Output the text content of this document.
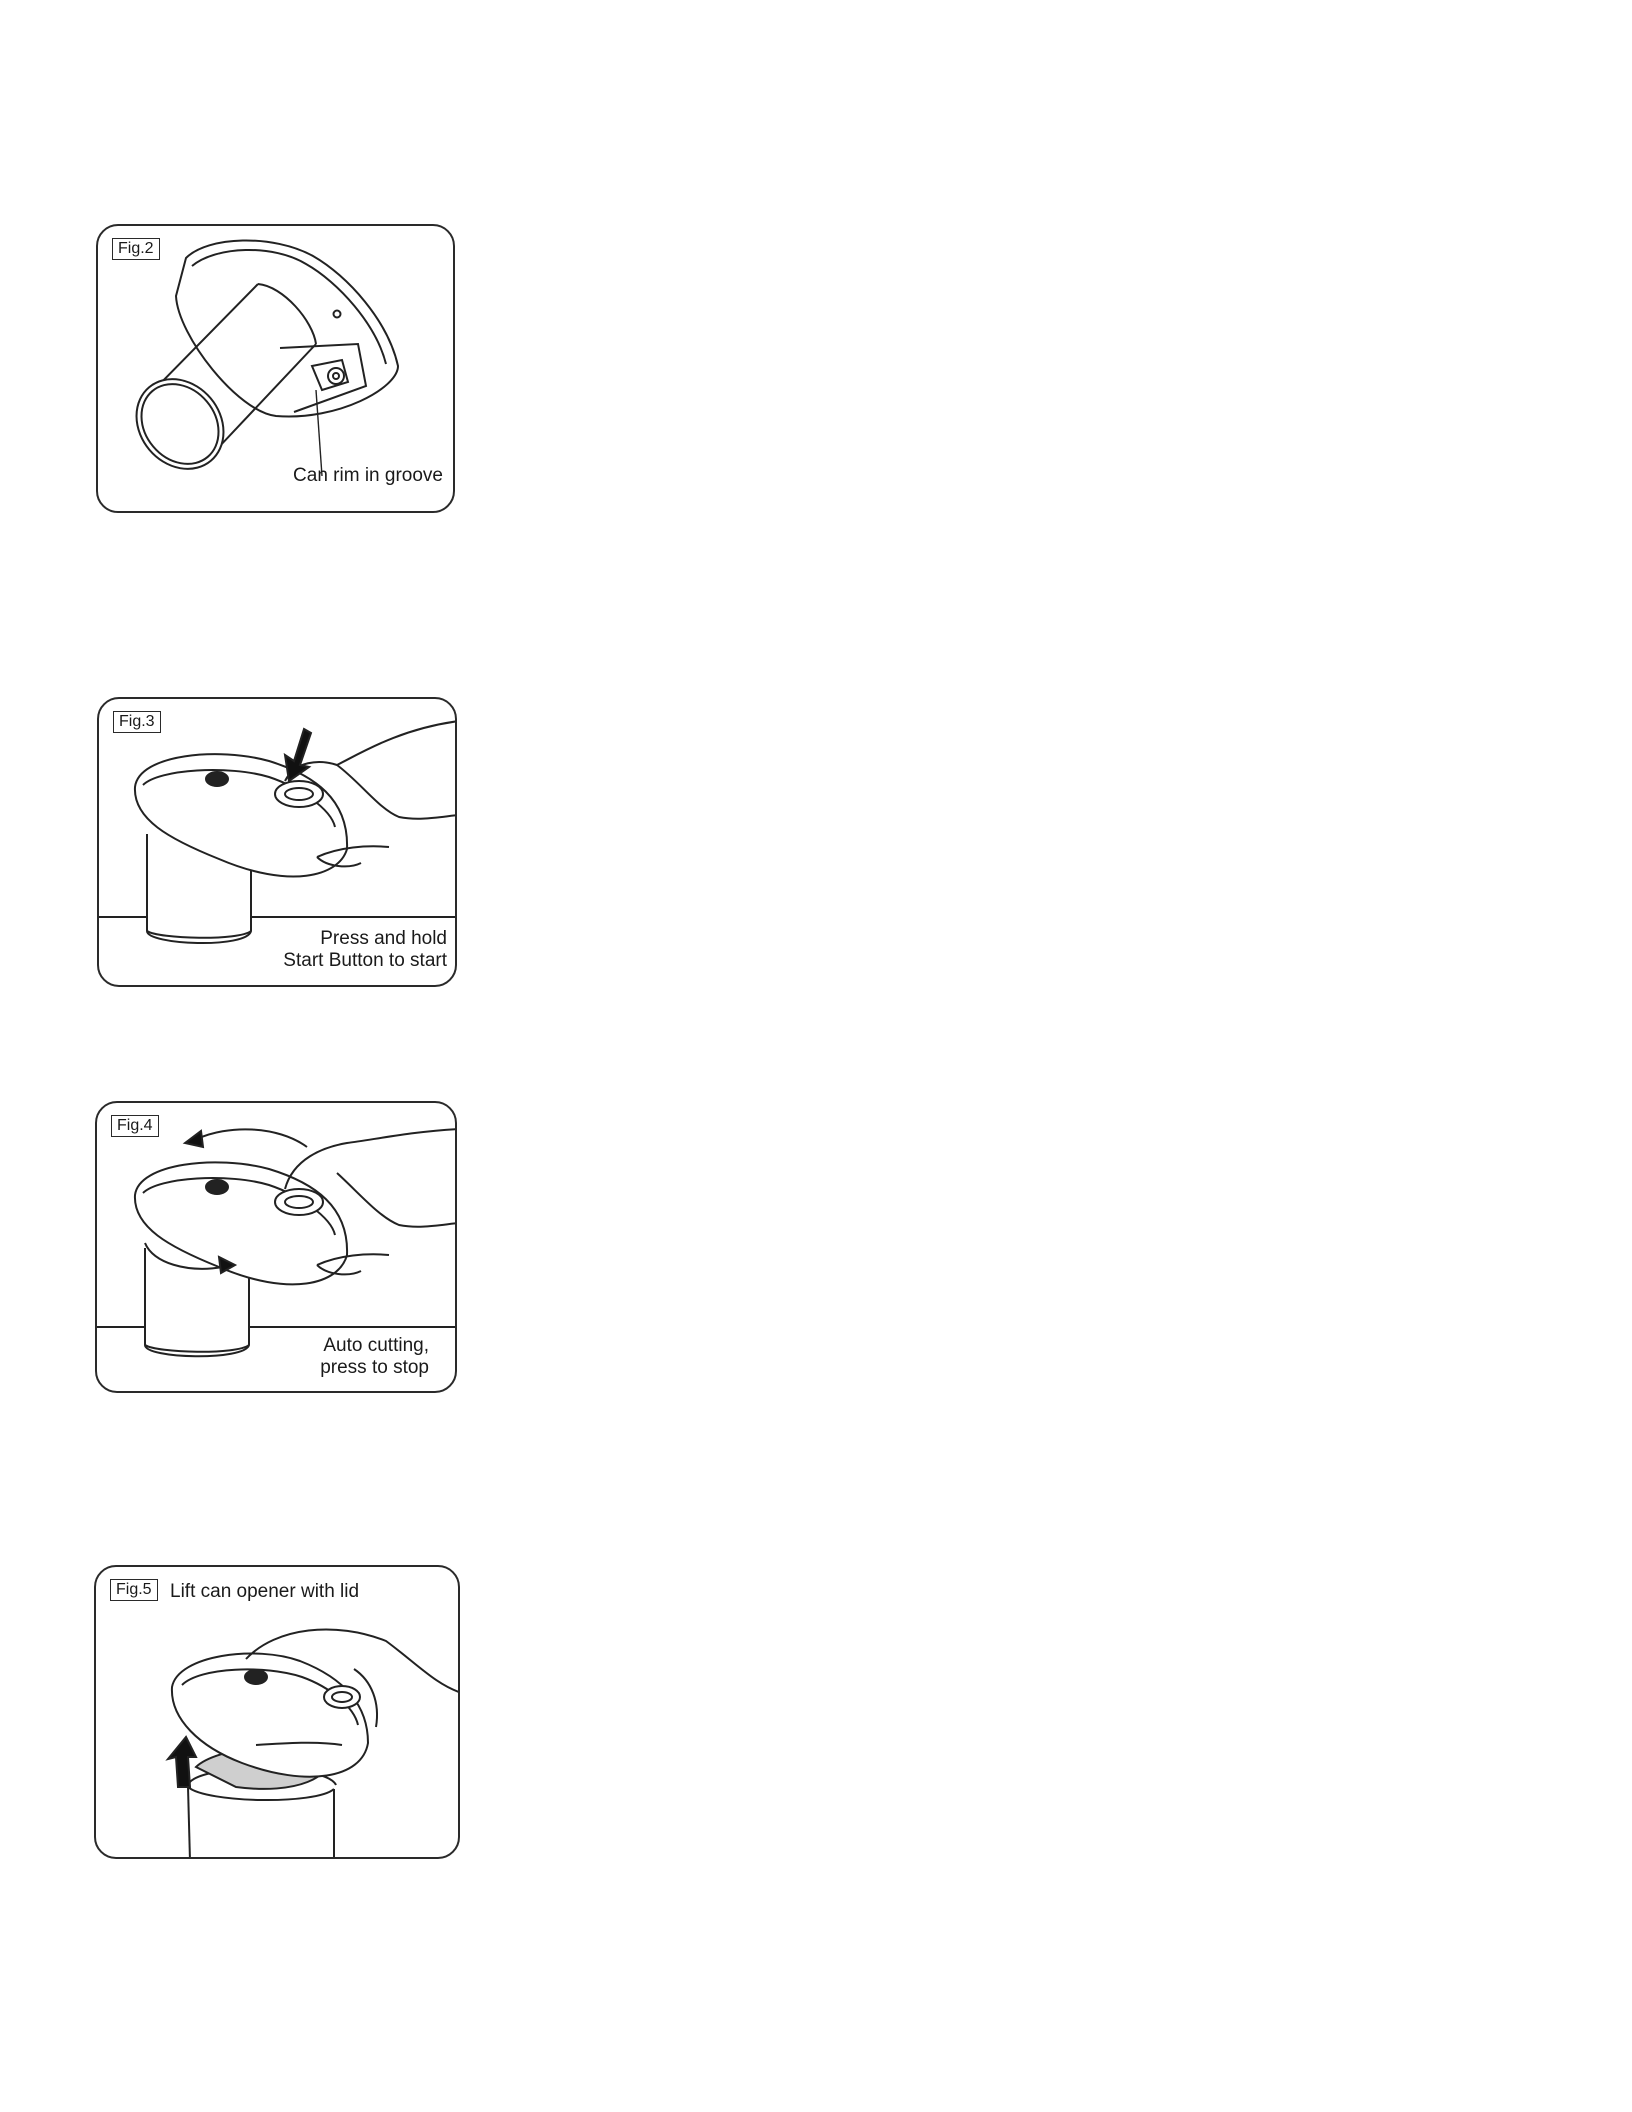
Fig.2
Can rim in groove
Fig.3
Press and hold
Start Button to start
Fig.4
Auto cutting,
press to stop
Fig.5 Lift can opener with lid
